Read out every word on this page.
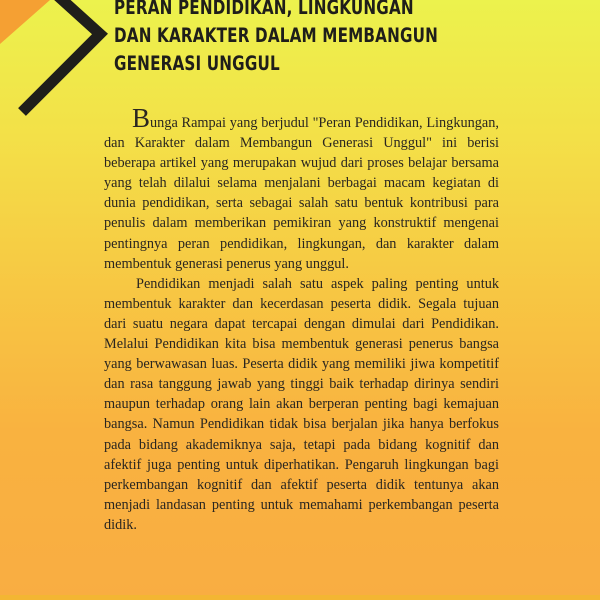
PERAN PENDIDIKAN, LINGKUNGAN
DAN KARAKTER DALAM MEMBANGUN
GENERASI UNGGUL

Bunga Rampai yang berjudul "Peran Pendidikan, Lingkungan, dan Karakter dalam Membangun Generasi Unggul" ini berisi beberapa artikel yang merupakan wujud dari proses belajar bersama yang telah dilalui selama menjalani berbagai macam kegiatan di dunia pendidikan, serta sebagai salah satu bentuk kontribusi para penulis dalam memberikan pemikiran yang konstruktif mengenai pentingnya peran pendidikan, lingkungan, dan karakter dalam membentuk generasi penerus yang unggul.

Pendidikan menjadi salah satu aspek paling penting untuk membentuk karakter dan kecerdasan peserta didik. Segala tujuan dari suatu negara dapat tercapai dengan dimulai dari Pendidikan. Melalui Pendidikan kita bisa membentuk generasi penerus bangsa yang berwawasan luas. Peserta didik yang memiliki jiwa kompetitif dan rasa tanggung jawab yang tinggi baik terhadap dirinya sendiri maupun terhadap orang lain akan berperan penting bagi kemajuan bangsa. Namun Pendidikan tidak bisa berjalan jika hanya berfokus pada bidang akademiknya saja, tetapi pada bidang kognitif dan afektif juga penting untuk diperhatikan. Pengaruh lingkungan bagi perkembangan kognitif dan afektif peserta didik tentunya akan menjadi landasan penting untuk memahami perkembangan peserta didik.
